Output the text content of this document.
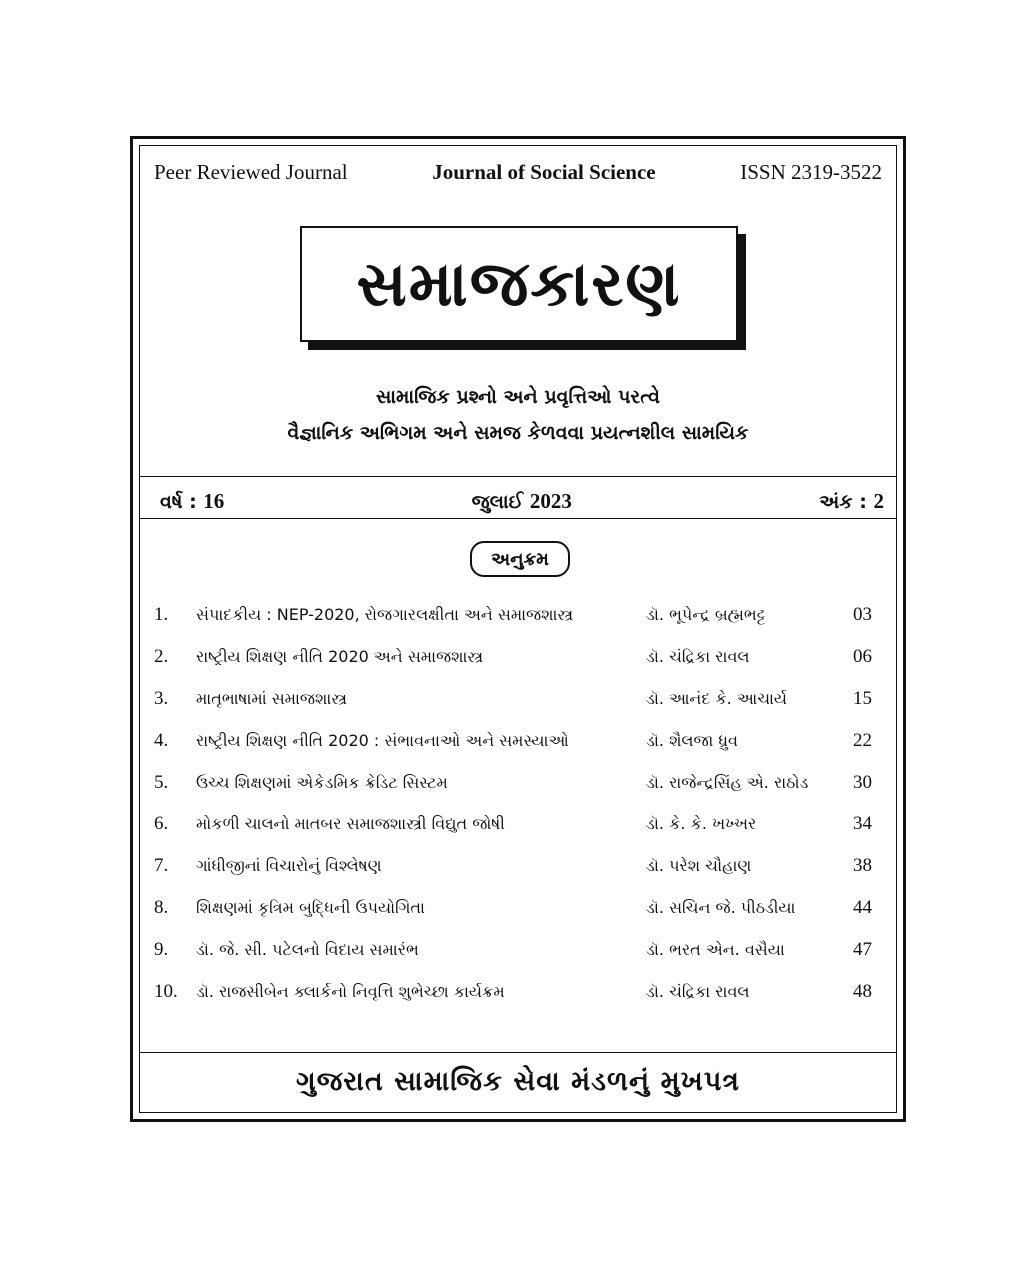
Peer Reviewed Journal	Journal of Social Science	ISSN 2319-3522
સમાજકારણ
સામાજિક પ્રશ્નો અને પ્રવૃત્તિઓ પરત્વે
વૈજ્ઞાનિક અભિગમ અને સમજ કેળવવા પ્રયત્નશીલ સામયિક
વર્ષ : 16	જુલાઈ 2023	અંક : 2
અનુક્રમ
1.	સંપાદકીય : NEP-2020, રોજગારલક્ષીતા અને સમાજશાસ્ત્ર	ડૉ. ભૂપેન્દ્ર બ્રહ્મભટ્ટ	03
2.	રાષ્ટ્રીય શિક્ષણ નીતિ 2020 અને સમાજશાસ્ત્ર	ડૉ. ચંદ્રિકા રાવલ	06
3.	માતૃભાષામાં સમાજશાસ્ત્ર	ડૉ. આનંદ કે. આચાર્ય	15
4.	રાષ્ટ્રીય શિક્ષણ નીતિ 2020 : સંભાવનાઓ અને સમસ્યાઓ	ડૉ. શૈલજા ધ્રુવ	22
5.	ઉચ્ચ શિક્ષણમાં એકેડમિક ક્રેડિટ સિસ્ટમ	ડૉ. રાજેન્દ્રસિંહ એ. રાઠોડ	30
6.	મોકળી ચાલનો માતબર સમાજશાસ્ત્રી વિદ્યુત જોષી	ડૉ. કે. કે. ખખ્ખર	34
7.	ગાંધીજીનાં વિચારોનું વિશ્લેષણ	ડૉ. પરેશ ચૌહાણ	38
8.	શિક્ષણમાં કૃત્રિમ બુદ્ધિની ઉપયોગિતા	ડૉ. સચિન જે. પીઠડીયા	44
9.	ડૉ. જે. સી. પટેલનો વિદાય સમારંભ	ડૉ. ભરત એન. વસૈયા	47
10.	ડૉ. રાજસીબેન ક્લાર્કનો નિવૃત્તિ શુભેચ્છા કાર્યક્રમ	ડૉ. ચંદ્રિકા રાવલ	48
ગુજરાત સામાજિક સેવા મંડળનું મુખપત્ર
